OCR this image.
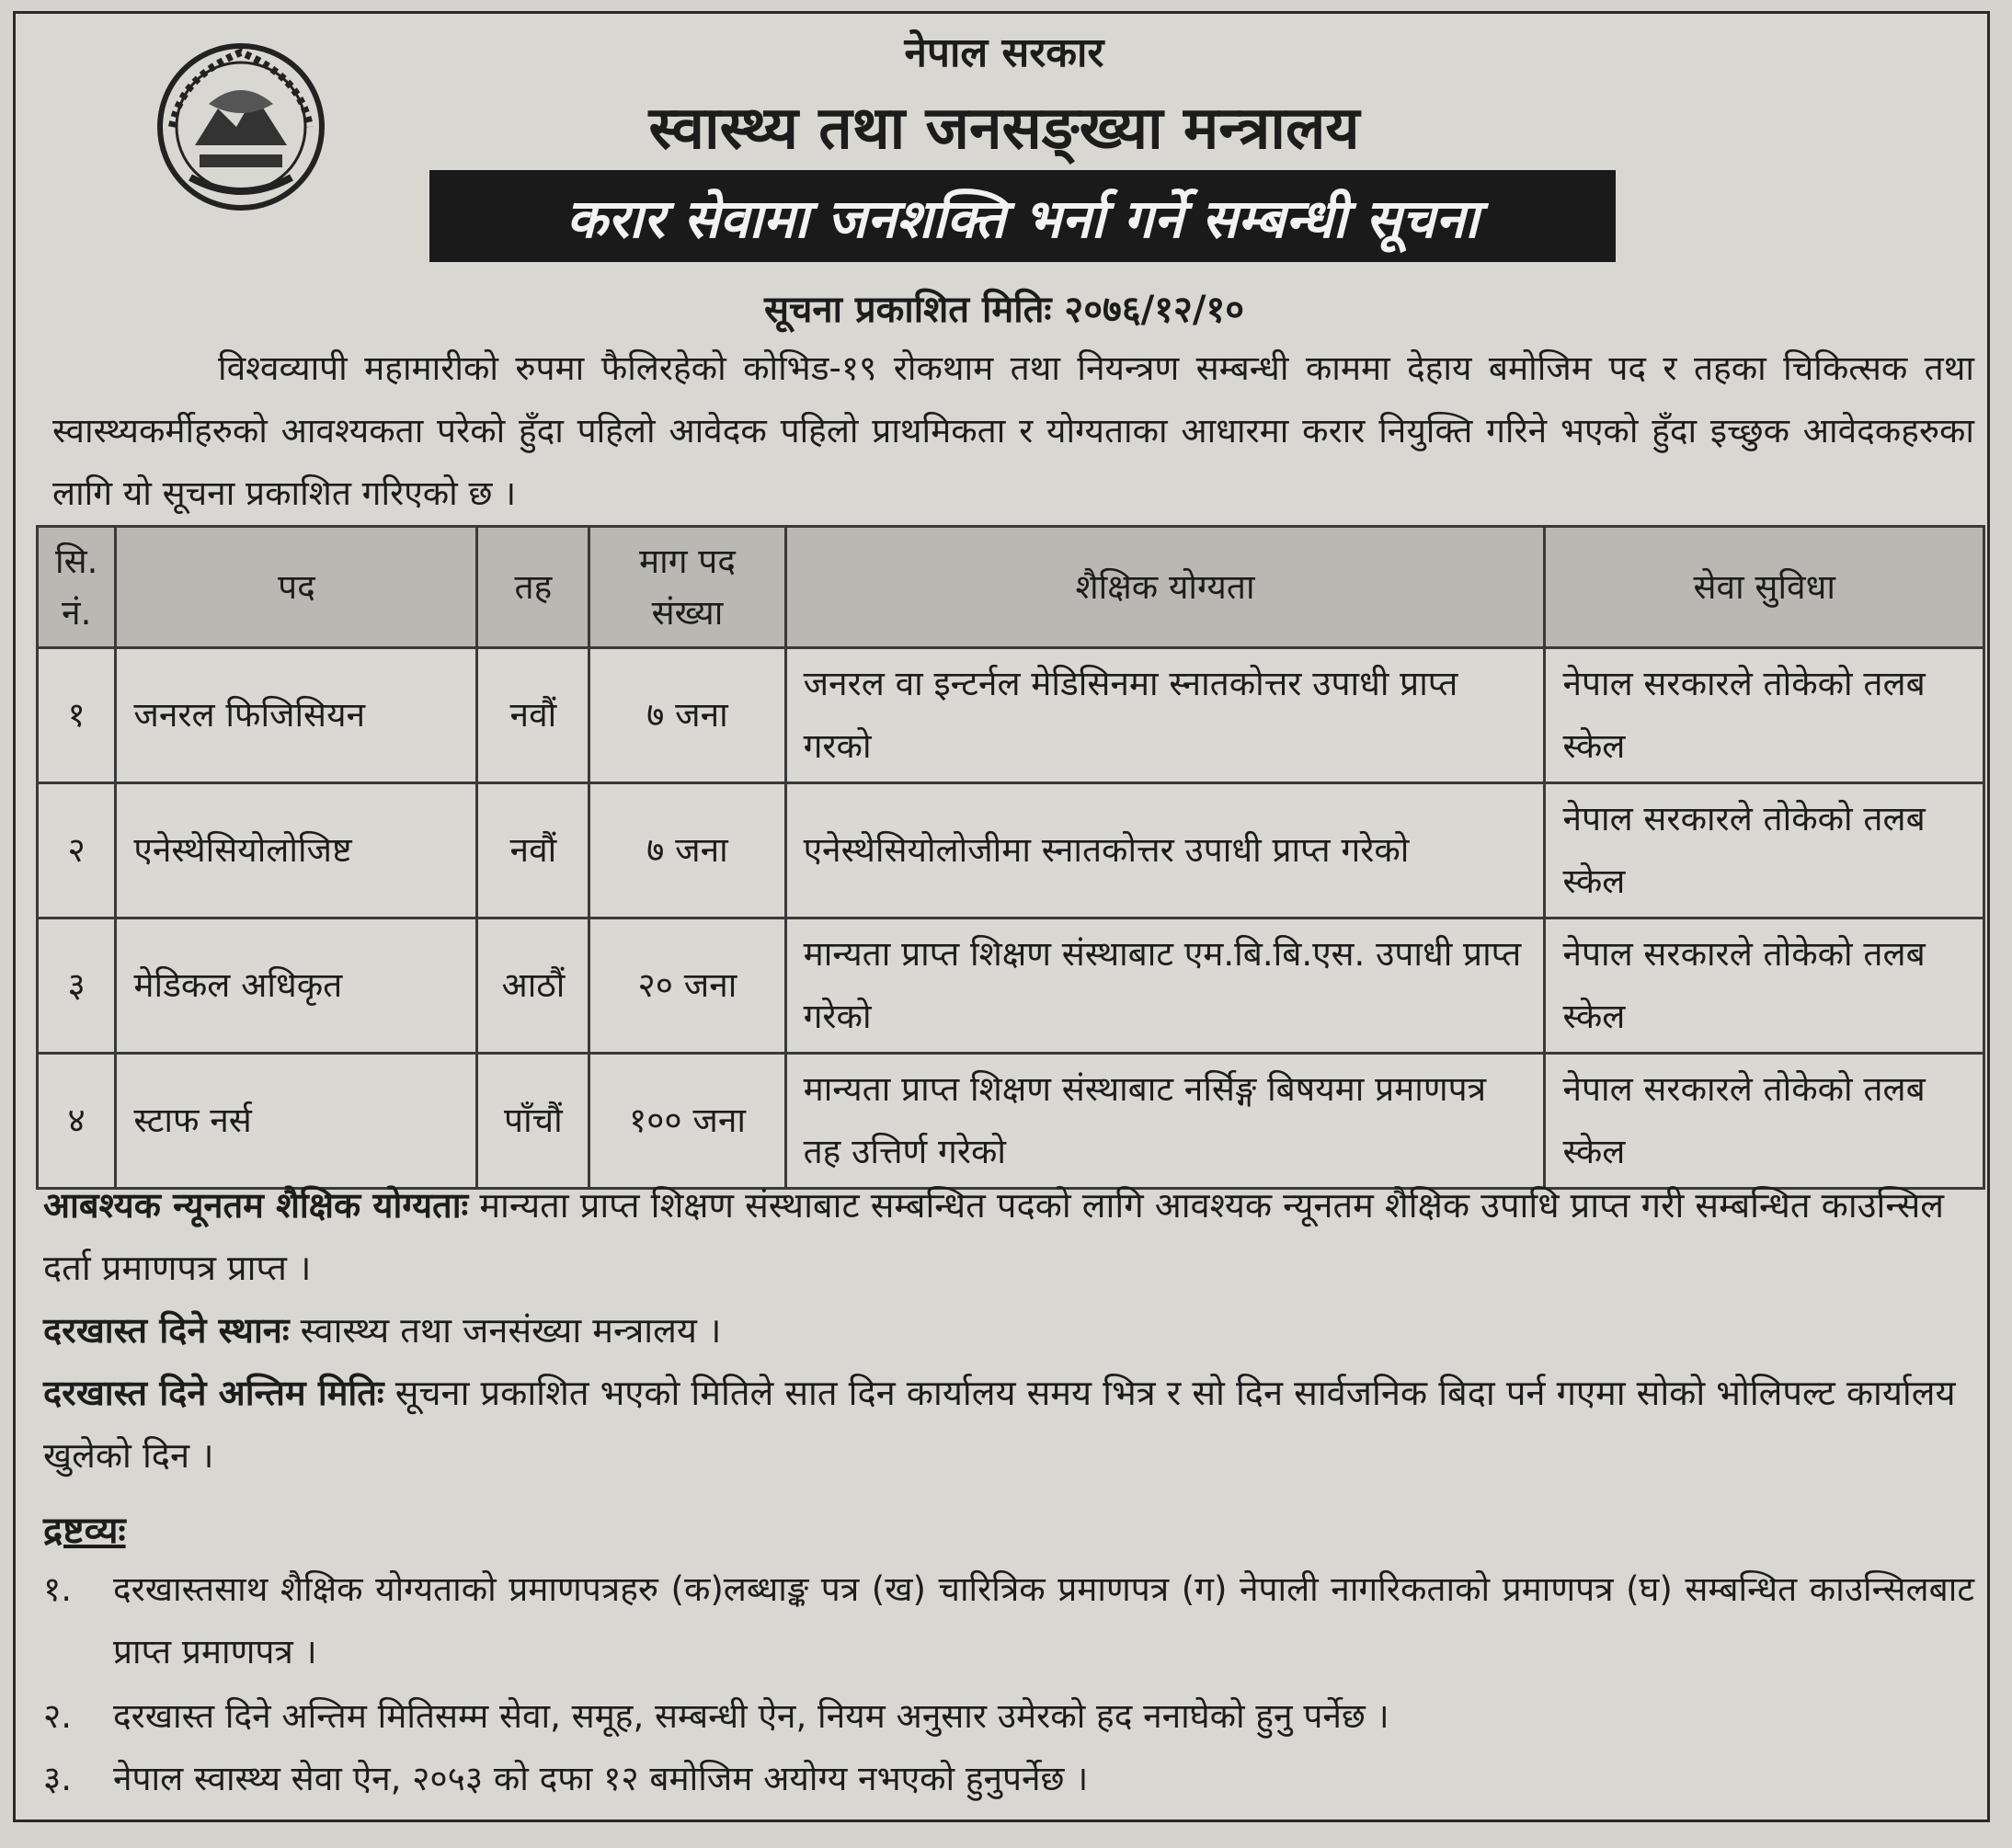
नेपाल सरकार
स्वास्थ्य तथा जनसङ्ख्या मन्त्रालय
करार सेवामा जनशक्ति भर्ना गर्ने सम्बन्धी सूचना
सूचना प्रकाशित मितिः २०७६/१२/१०
विश्वव्यापी महामारीको रुपमा फैलिरहेको कोभिड-१९ रोकथाम तथा नियन्त्रण सम्बन्धी काममा देहाय बमोजिम पद र तहका चिकित्सक तथा स्वास्थ्यकर्मीहरुको आवश्यकता परेको हुँदा पहिलो आवेदक पहिलो प्राथमिकता र योग्यताका आधारमा करार नियुक्ति गरिने भएको हुँदा इच्छुक आवेदकहरुका लागि यो सूचना प्रकाशित गरिएको छ ।
सि. नं.	पद	तह	माग पद संख्या	शैक्षिक योग्यता	सेवा सुविधा
१	जनरल फिजिसियन	नवौं	७ जना	जनरल वा इन्टर्नल मेडिसिनमा स्नातकोत्तर उपाधी प्राप्त गरको	नेपाल सरकारले तोकेको तलब स्केल
२	एनेस्थेसियोलोजिष्ट	नवौं	७ जना	एनेस्थेसियोलोजीमा स्नातकोत्तर उपाधी प्राप्त गरेको	नेपाल सरकारले तोकेको तलब स्केल
३	मेडिकल अधिकृत	आठौं	२० जना	मान्यता प्राप्त शिक्षण संस्थाबाट एम.बि.बि.एस. उपाधी प्राप्त गरेको	नेपाल सरकारले तोकेको तलब स्केल
४	स्टाफ नर्स	पाँचौं	१०० जना	मान्यता प्राप्त शिक्षण संस्थाबाट नर्सिङ्ग बिषयमा प्रमाणपत्र तह उत्तिर्ण गरेको	नेपाल सरकारले तोकेको तलब स्केल
आबश्यक न्यूनतम शैक्षिक योग्यताः मान्यता प्राप्त शिक्षण संस्थाबाट सम्बन्धित पदको लागि आवश्यक न्यूनतम शैक्षिक उपाधि प्राप्त गरी सम्बन्धित काउन्सिल दर्ता प्रमाणपत्र प्राप्त ।
दरखास्त दिने स्थानः स्वास्थ्य तथा जनसंख्या मन्त्रालय ।
दरखास्त दिने अन्तिम मितिः सूचना प्रकाशित भएको मितिले सात दिन कार्यालय समय भित्र र सो दिन सार्वजनिक बिदा पर्न गएमा सोको भोलिपल्ट कार्यालय खुलेको दिन ।
द्रष्टव्यः
१.	दरखास्तसाथ शैक्षिक योग्यताको प्रमाणपत्रहरु (क)लब्धाङ्क पत्र (ख) चारित्रिक प्रमाणपत्र (ग) नेपाली नागरिकताको प्रमाणपत्र (घ) सम्बन्धित काउन्सिलबाट प्राप्त प्रमाणपत्र ।
२.	दरखास्त दिने अन्तिम मितिसम्म सेवा, समूह, सम्बन्धी ऐन, नियम अनुसार उमेरको हद ननाघेको हुनु पर्नेछ ।
३.	नेपाल स्वास्थ्य सेवा ऐन, २०५३ को दफा १२ बमोजिम अयोग्य नभएको हुनुपर्नेछ ।
